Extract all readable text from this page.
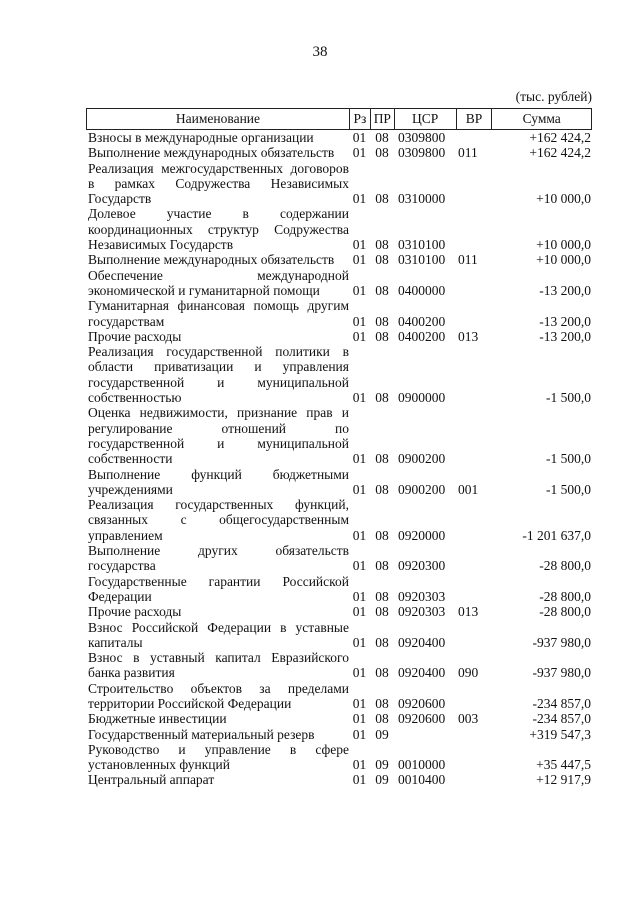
38
(тыс. рублей)
Наименование	Рз ПР	ЦСР	ВР	Сумма
Взносы в международные организации	01 08 0309800	+162 424,2
Выполнение международных обязательств	01 08 0309800 011	+162 424,2
Реализация межгосударственных договоров
в рамках Содружества Независимых
Государств	01 08 0310000	+10 000,0
Долевое участие в содержании
координационных структур Содружества
Независимых Государств	01 08 0310100	+10 000,0
Выполнение международных обязательств	01 08 0310100 011	+10 000,0
Обеспечение международной
экономической и гуманитарной помощи	01 08 0400000	-13 200,0
Гуманитарная финансовая помощь другим
государствам	01 08 0400200	-13 200,0
Прочие расходы	01 08 0400200 013	-13 200,0
Реализация государственной политики в
области приватизации и управления
государственной и муниципальной
собственностью	01 08 0900000	-1 500,0
Оценка недвижимости, признание прав и
регулирование отношений по
государственной и муниципальной
собственности	01 08 0900200	-1 500,0
Выполнение функций бюджетными
учреждениями	01 08 0900200 001	-1 500,0
Реализация государственных функций,
связанных с общегосударственным
управлением	01 08 0920000	-1 201 637,0
Выполнение других обязательств
государства	01 08 0920300	-28 800,0
Государственные гарантии Российской
Федерации	01 08 0920303	-28 800,0
Прочие расходы	01 08 0920303 013	-28 800,0
Взнос Российской Федерации в уставные
капиталы	01 08 0920400	-937 980,0
Взнос в уставный капитал Евразийского
банка развития	01 08 0920400 090	-937 980,0
Строительство объектов за пределами
территории Российской Федерации	01 08 0920600	-234 857,0
Бюджетные инвестиции	01 08 0920600 003	-234 857,0
Государственный материальный резерв	01 09	+319 547,3
Руководство и управление в сфере
установленных функций	01 09 0010000	+35 447,5
Центральный аппарат	01 09 0010400	+12 917,9
